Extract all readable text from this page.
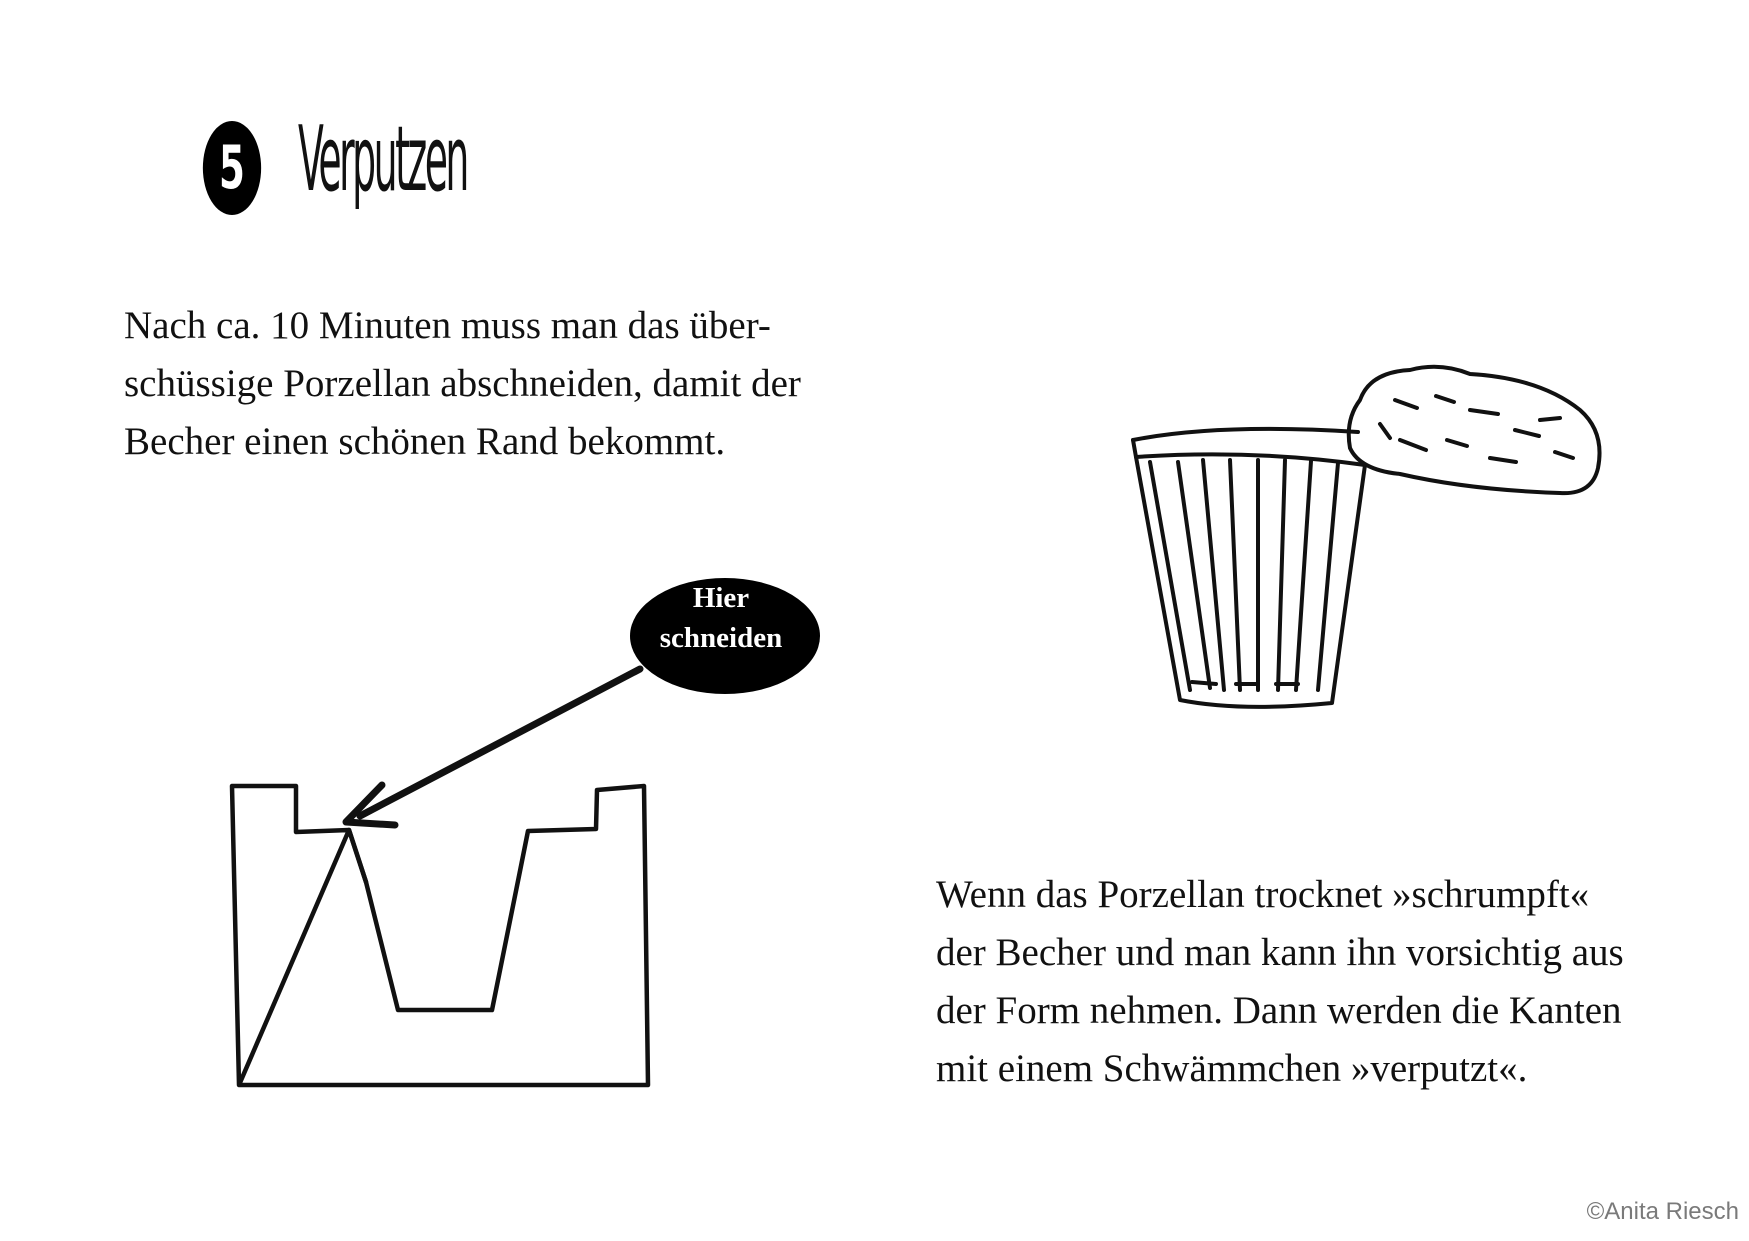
5 Verputzen

Nach ca. 10 Minuten muss man das über-

schüssige Porzellan abschneiden, damit der

Becher einen schönen Rand bekommt.

Hier
schneiden

Wenn das Porzellan trocknet »schrumpft«

der Becher und man kann ihn vorsichtig aus

der Form nehmen. Dann werden die Kanten

mit einem Schwämmchen »verputzt«.

©Anita Riesch
